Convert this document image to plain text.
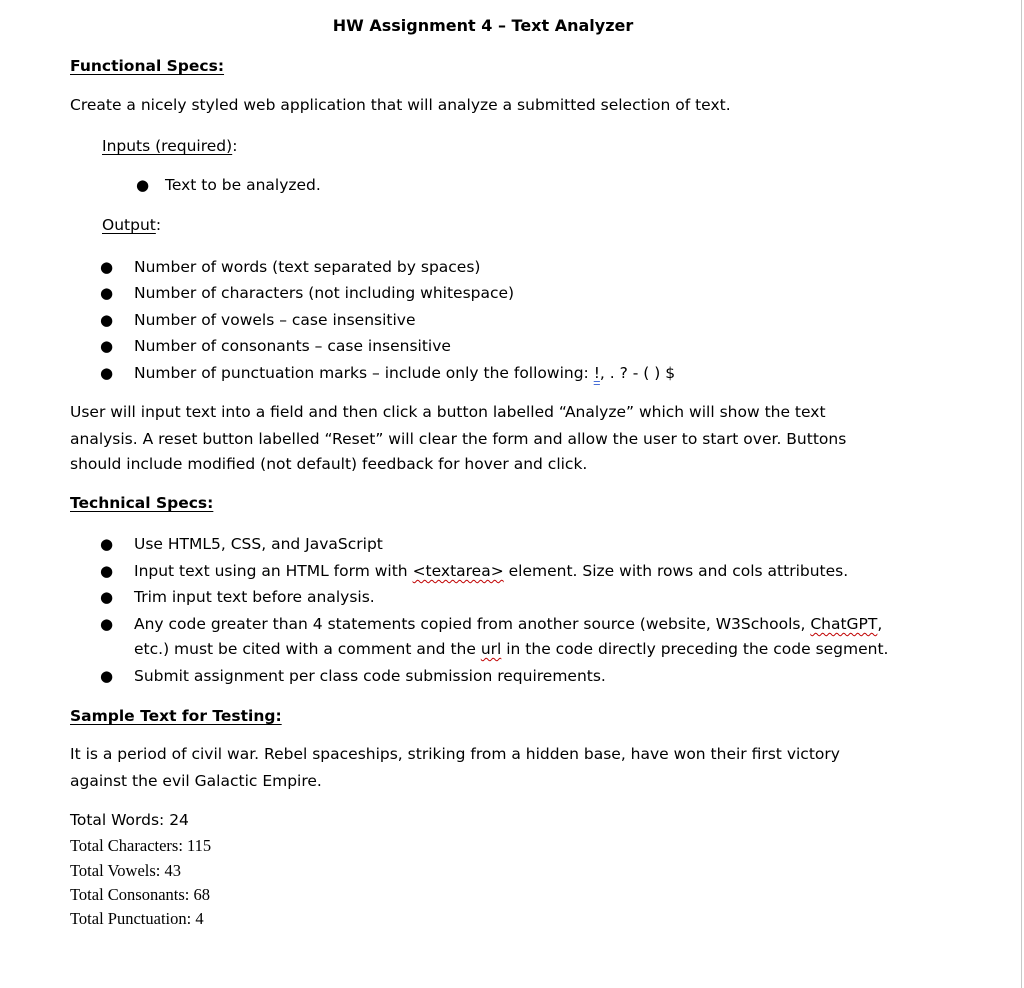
HW Assignment 4 – Text Analyzer
Functional Specs:
Create a nicely styled web application that will analyze a submitted selection of text.
Inputs (required):
● Text to be analyzed.
Output:
● Number of words (text separated by spaces)
● Number of characters (not including whitespace)
● Number of vowels – case insensitive
● Number of consonants – case insensitive
● Number of punctuation marks – include only the following: !, . ? - ( ) $
User will input text into a field and then click a button labelled “Analyze” which will show the text
analysis. A reset button labelled “Reset” will clear the form and allow the user to start over. Buttons
should include modified (not default) feedback for hover and click.
Technical Specs:
● Use HTML5, CSS, and JavaScript
● Input text using an HTML form with <textarea> element. Size with rows and cols attributes.
● Trim input text before analysis.
● Any code greater than 4 statements copied from another source (website, W3Schools, ChatGPT,
etc.) must be cited with a comment and the url in the code directly preceding the code segment.
● Submit assignment per class code submission requirements.
Sample Text for Testing:
It is a period of civil war. Rebel spaceships, striking from a hidden base, have won their first victory
against the evil Galactic Empire.
Total Words: 24
Total Characters: 115
Total Vowels: 43
Total Consonants: 68
Total Punctuation: 4
